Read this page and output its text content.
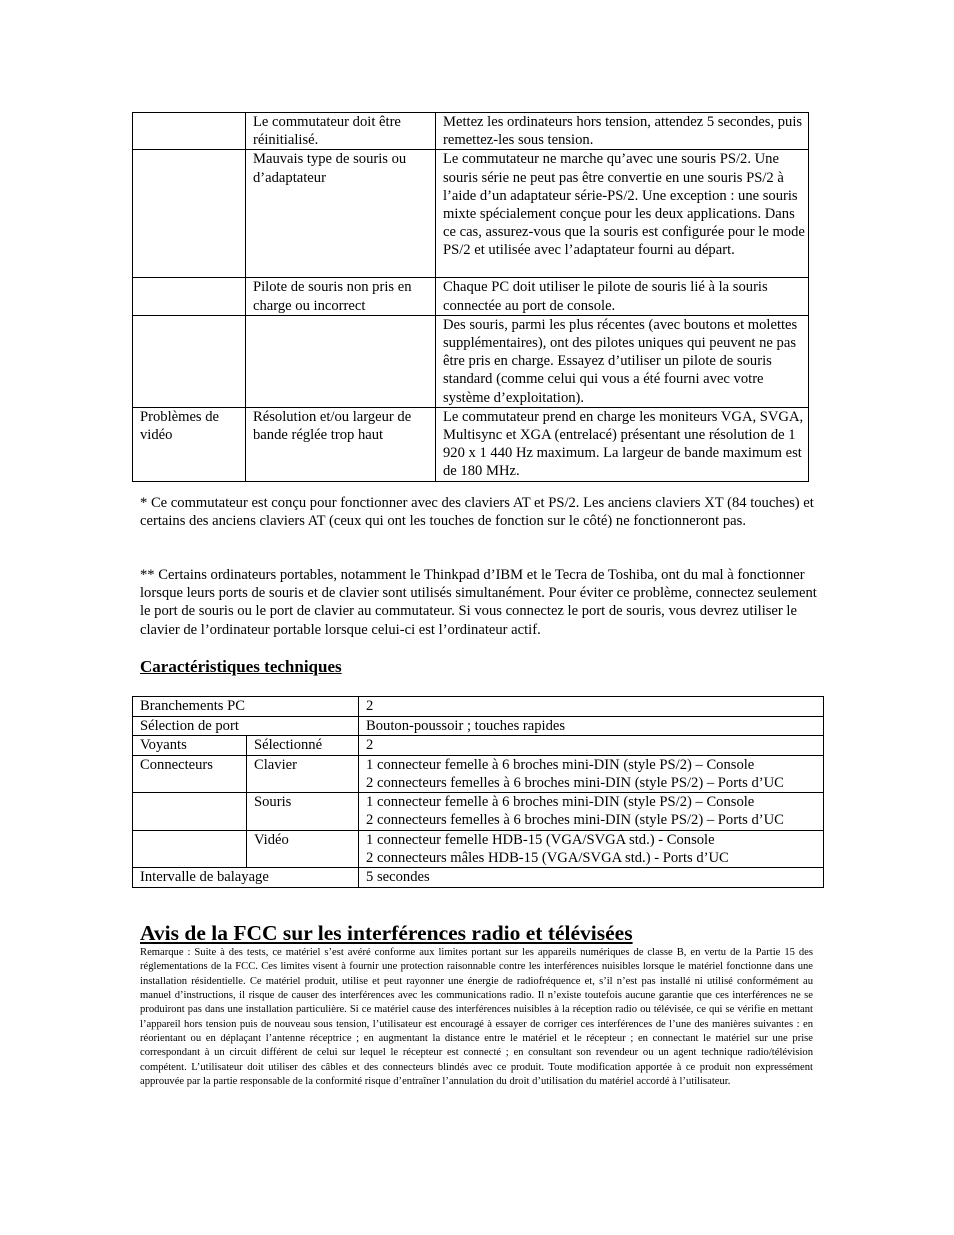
	Le commutateur doit être réinitialisé.	Mettez les ordinateurs hors tension, attendez 5 secondes, puis remettez-les sous tension.
	Mauvais type de souris ou d’adaptateur	Le commutateur ne marche qu’avec une souris PS/2. Une souris série ne peut pas être convertie en une souris PS/2 à l’aide d’un adaptateur série-PS/2. Une exception : une souris mixte spécialement conçue pour les deux applications. Dans ce cas, assurez-vous que la souris est configurée pour le mode PS/2 et utilisée avec l’adaptateur fourni au départ.
	Pilote de souris non pris en charge ou incorrect	Chaque PC doit utiliser le pilote de souris lié à la souris connectée au port de console.
		Des souris, parmi les plus récentes (avec boutons et molettes supplémentaires), ont des pilotes uniques qui peuvent ne pas être pris en charge. Essayez d’utiliser un pilote de souris standard (comme celui qui vous a été fourni avec votre système d’exploitation).
Problèmes de vidéo	Résolution et/ou largeur de bande réglée trop haut	Le commutateur prend en charge les moniteurs VGA, SVGA, Multisync et XGA (entrelacé) présentant une résolution de 1 920 x 1 440 Hz maximum. La largeur de bande maximum est de 180 MHz.

* Ce commutateur est conçu pour fonctionner avec des claviers AT et PS/2. Les anciens claviers XT (84 touches) et certains des anciens claviers AT (ceux qui ont les touches de fonction sur le côté) ne fonctionneront pas.

** Certains ordinateurs portables, notamment le Thinkpad d’IBM et le Tecra de Toshiba, ont du mal à fonctionner lorsque leurs ports de souris et de clavier sont utilisés simultanément. Pour éviter ce problème, connectez seulement le port de souris ou le port de clavier au commutateur. Si vous connectez le port de souris, vous devrez utiliser le clavier de l’ordinateur portable lorsque celui-ci est l’ordinateur actif.

Caractéristiques techniques
Branchements PC		2
Sélection de port		Bouton-poussoir ; touches rapides
Voyants	Sélectionné	2
Connecteurs	Clavier	1 connecteur femelle à 6 broches mini-DIN (style PS/2) – Console
2 connecteurs femelles à 6 broches mini-DIN (style PS/2) – Ports d’UC

	Souris	1 connecteur femelle à 6 broches mini-DIN (style PS/2) – Console
2 connecteurs femelles à 6 broches mini-DIN (style PS/2) – Ports d’UC

	Vidéo	1 connecteur femelle HDB-15 (VGA/SVGA std.) - Console
2 connecteurs mâles HDB-15 (VGA/SVGA std.) - Ports d’UC

Intervalle de balayage		5 secondes
Avis de la FCC sur les interférences radio et télévisées

Remarque : Suite à des tests, ce matériel s’est avéré conforme aux limites portant sur les appareils numériques de classe B, en vertu de la Partie 15 des réglementations de la FCC. Ces limites visent à fournir une protection raisonnable contre les interférences nuisibles lorsque le matériel fonctionne dans une installation résidentielle. Ce matériel produit, utilise et peut rayonner une énergie de radiofréquence et, s’il n’est pas installé ni utilisé conformément au manuel d’instructions, il risque de causer des interférences avec les communications radio. Il n’existe toutefois aucune garantie que ces interférences ne se produiront pas dans une installation particulière. Si ce matériel cause des interférences nuisibles à la réception radio ou télévisée, ce qui se vérifie en mettant l’appareil hors tension puis de nouveau sous tension, l’utilisateur est encouragé à essayer de corriger ces interférences de l’une des manières suivantes : en réorientant ou en déplaçant l’antenne réceptrice ; en augmentant la distance entre le matériel et le récepteur ; en connectant le matériel sur une prise correspondant à un circuit différent de celui sur lequel le récepteur est connecté ; en consultant son revendeur ou un agent technique radio/télévision compétent. L’utilisateur doit utiliser des câbles et des connecteurs blindés avec ce produit. Toute modification apportée à ce produit non expressément approuvée par la partie responsable de la conformité risque d’entraîner l’annulation du droit d’utilisation du matériel accordé à l’utilisateur.
